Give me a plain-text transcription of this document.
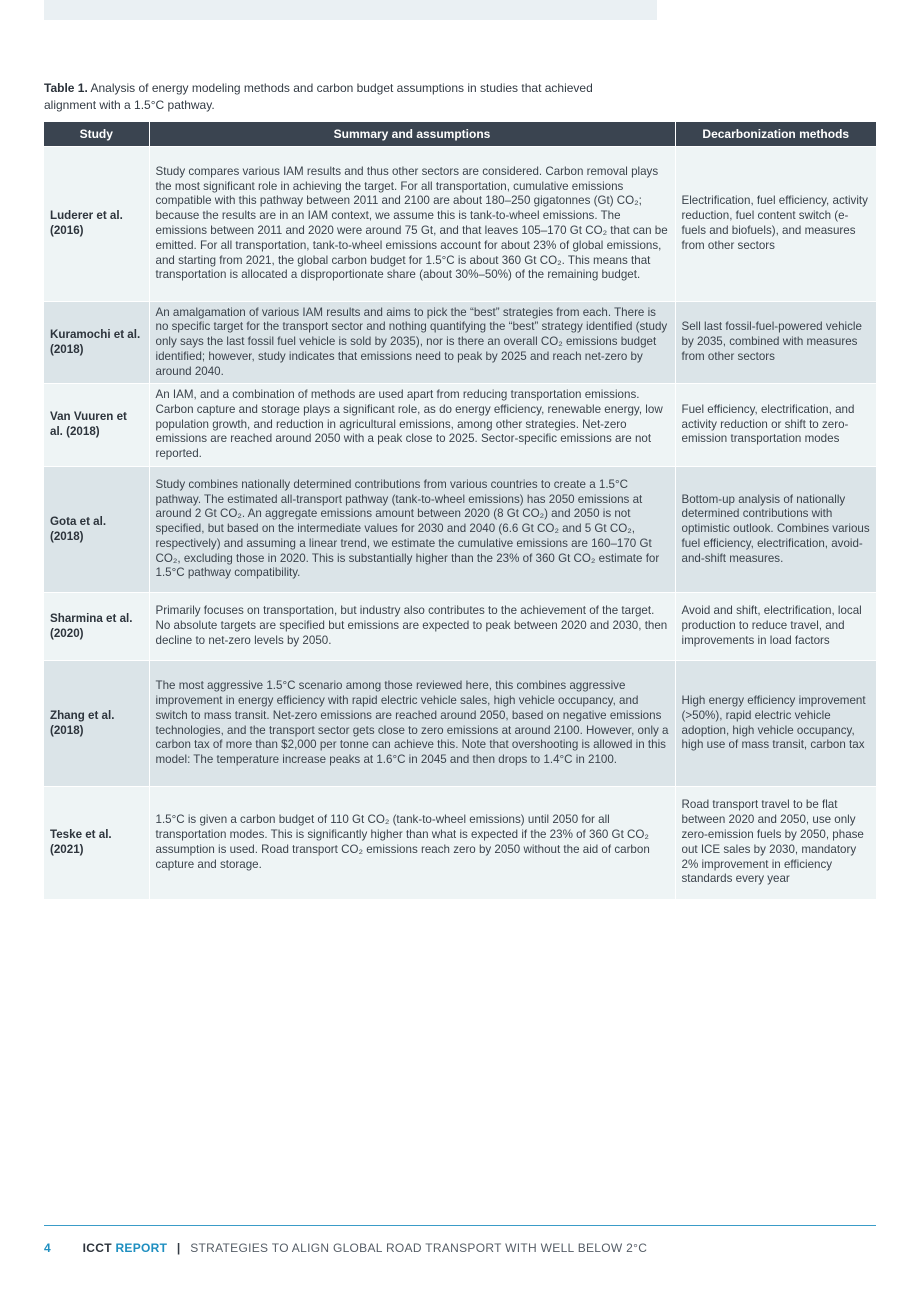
Table 1. Analysis of energy modeling methods and carbon budget assumptions in studies that achieved alignment with a 1.5°C pathway.
Study	Summary and assumptions	Decarbonization methods
Luderer et al. (2016)	Study compares various IAM results and thus other sectors are considered. Carbon removal plays the most significant role in achieving the target. For all transportation, cumulative emissions compatible with this pathway between 2011 and 2100 are about 180–250 gigatonnes (Gt) CO₂; because the results are in an IAM context, we assume this is tank-to-wheel emissions. The emissions between 2011 and 2020 were around 75 Gt, and that leaves 105–170 Gt CO₂ that can be emitted. For all transportation, tank-to-wheel emissions account for about 23% of global emissions, and starting from 2021, the global carbon budget for 1.5°C is about 360 Gt CO₂. This means that transportation is allocated a disproportionate share (about 30%–50%) of the remaining budget.	Electrification, fuel efficiency, activity reduction, fuel content switch (e-fuels and biofuels), and measures from other sectors
Kuramochi et al. (2018)	An amalgamation of various IAM results and aims to pick the “best” strategies from each. There is no specific target for the transport sector and nothing quantifying the “best” strategy identified (study only says the last fossil fuel vehicle is sold by 2035), nor is there an overall CO₂ emissions budget identified; however, study indicates that emissions need to peak by 2025 and reach net-zero by around 2040.	Sell last fossil-fuel-powered vehicle by 2035, combined with measures from other sectors
Van Vuuren et al. (2018)	An IAM, and a combination of methods are used apart from reducing transportation emissions. Carbon capture and storage plays a significant role, as do energy efficiency, renewable energy, low population growth, and reduction in agricultural emissions, among other strategies. Net-zero emissions are reached around 2050 with a peak close to 2025. Sector-specific emissions are not reported.	Fuel efficiency, electrification, and activity reduction or shift to zero-emission transportation modes
Gota et al. (2018)	Study combines nationally determined contributions from various countries to create a 1.5°C pathway. The estimated all-transport pathway (tank-to-wheel emissions) has 2050 emissions at around 2 Gt CO₂. An aggregate emissions amount between 2020 (8 Gt CO₂) and 2050 is not specified, but based on the intermediate values for 2030 and 2040 (6.6 Gt CO₂ and 5 Gt CO₂, respectively) and assuming a linear trend, we estimate the cumulative emissions are 160–170 Gt CO₂, excluding those in 2020. This is substantially higher than the 23% of 360 Gt CO₂ estimate for 1.5°C pathway compatibility.	Bottom-up analysis of nationally determined contributions with optimistic outlook. Combines various fuel efficiency, electrification, avoid-and-shift measures.
Sharmina et al. (2020)	Primarily focuses on transportation, but industry also contributes to the achievement of the target. No absolute targets are specified but emissions are expected to peak between 2020 and 2030, then decline to net-zero levels by 2050.	Avoid and shift, electrification, local production to reduce travel, and improvements in load factors
Zhang et al. (2018)	The most aggressive 1.5°C scenario among those reviewed here, this combines aggressive improvement in energy efficiency with rapid electric vehicle sales, high vehicle occupancy, and switch to mass transit. Net-zero emissions are reached around 2050, based on negative emissions technologies, and the transport sector gets close to zero emissions at around 2100. However, only a carbon tax of more than $2,000 per tonne can achieve this. Note that overshooting is allowed in this model: The temperature increase peaks at 1.6°C in 2045 and then drops to 1.4°C in 2100.	High energy efficiency improvement (>50%), rapid electric vehicle adoption, high vehicle occupancy, high use of mass transit, carbon tax
Teske et al. (2021)	1.5°C is given a carbon budget of 110 Gt CO₂ (tank-to-wheel emissions) until 2050 for all transportation modes. This is significantly higher than what is expected if the 23% of 360 Gt CO₂ assumption is used. Road transport CO₂ emissions reach zero by 2050 without the aid of carbon capture and storage.	Road transport travel to be flat between 2020 and 2050, use only zero-emission fuels by 2050, phase out ICE sales by 2030, mandatory 2% improvement in efficiency standards every year
4	ICCT REPORT | STRATEGIES TO ALIGN GLOBAL ROAD TRANSPORT WITH WELL BELOW 2°C
